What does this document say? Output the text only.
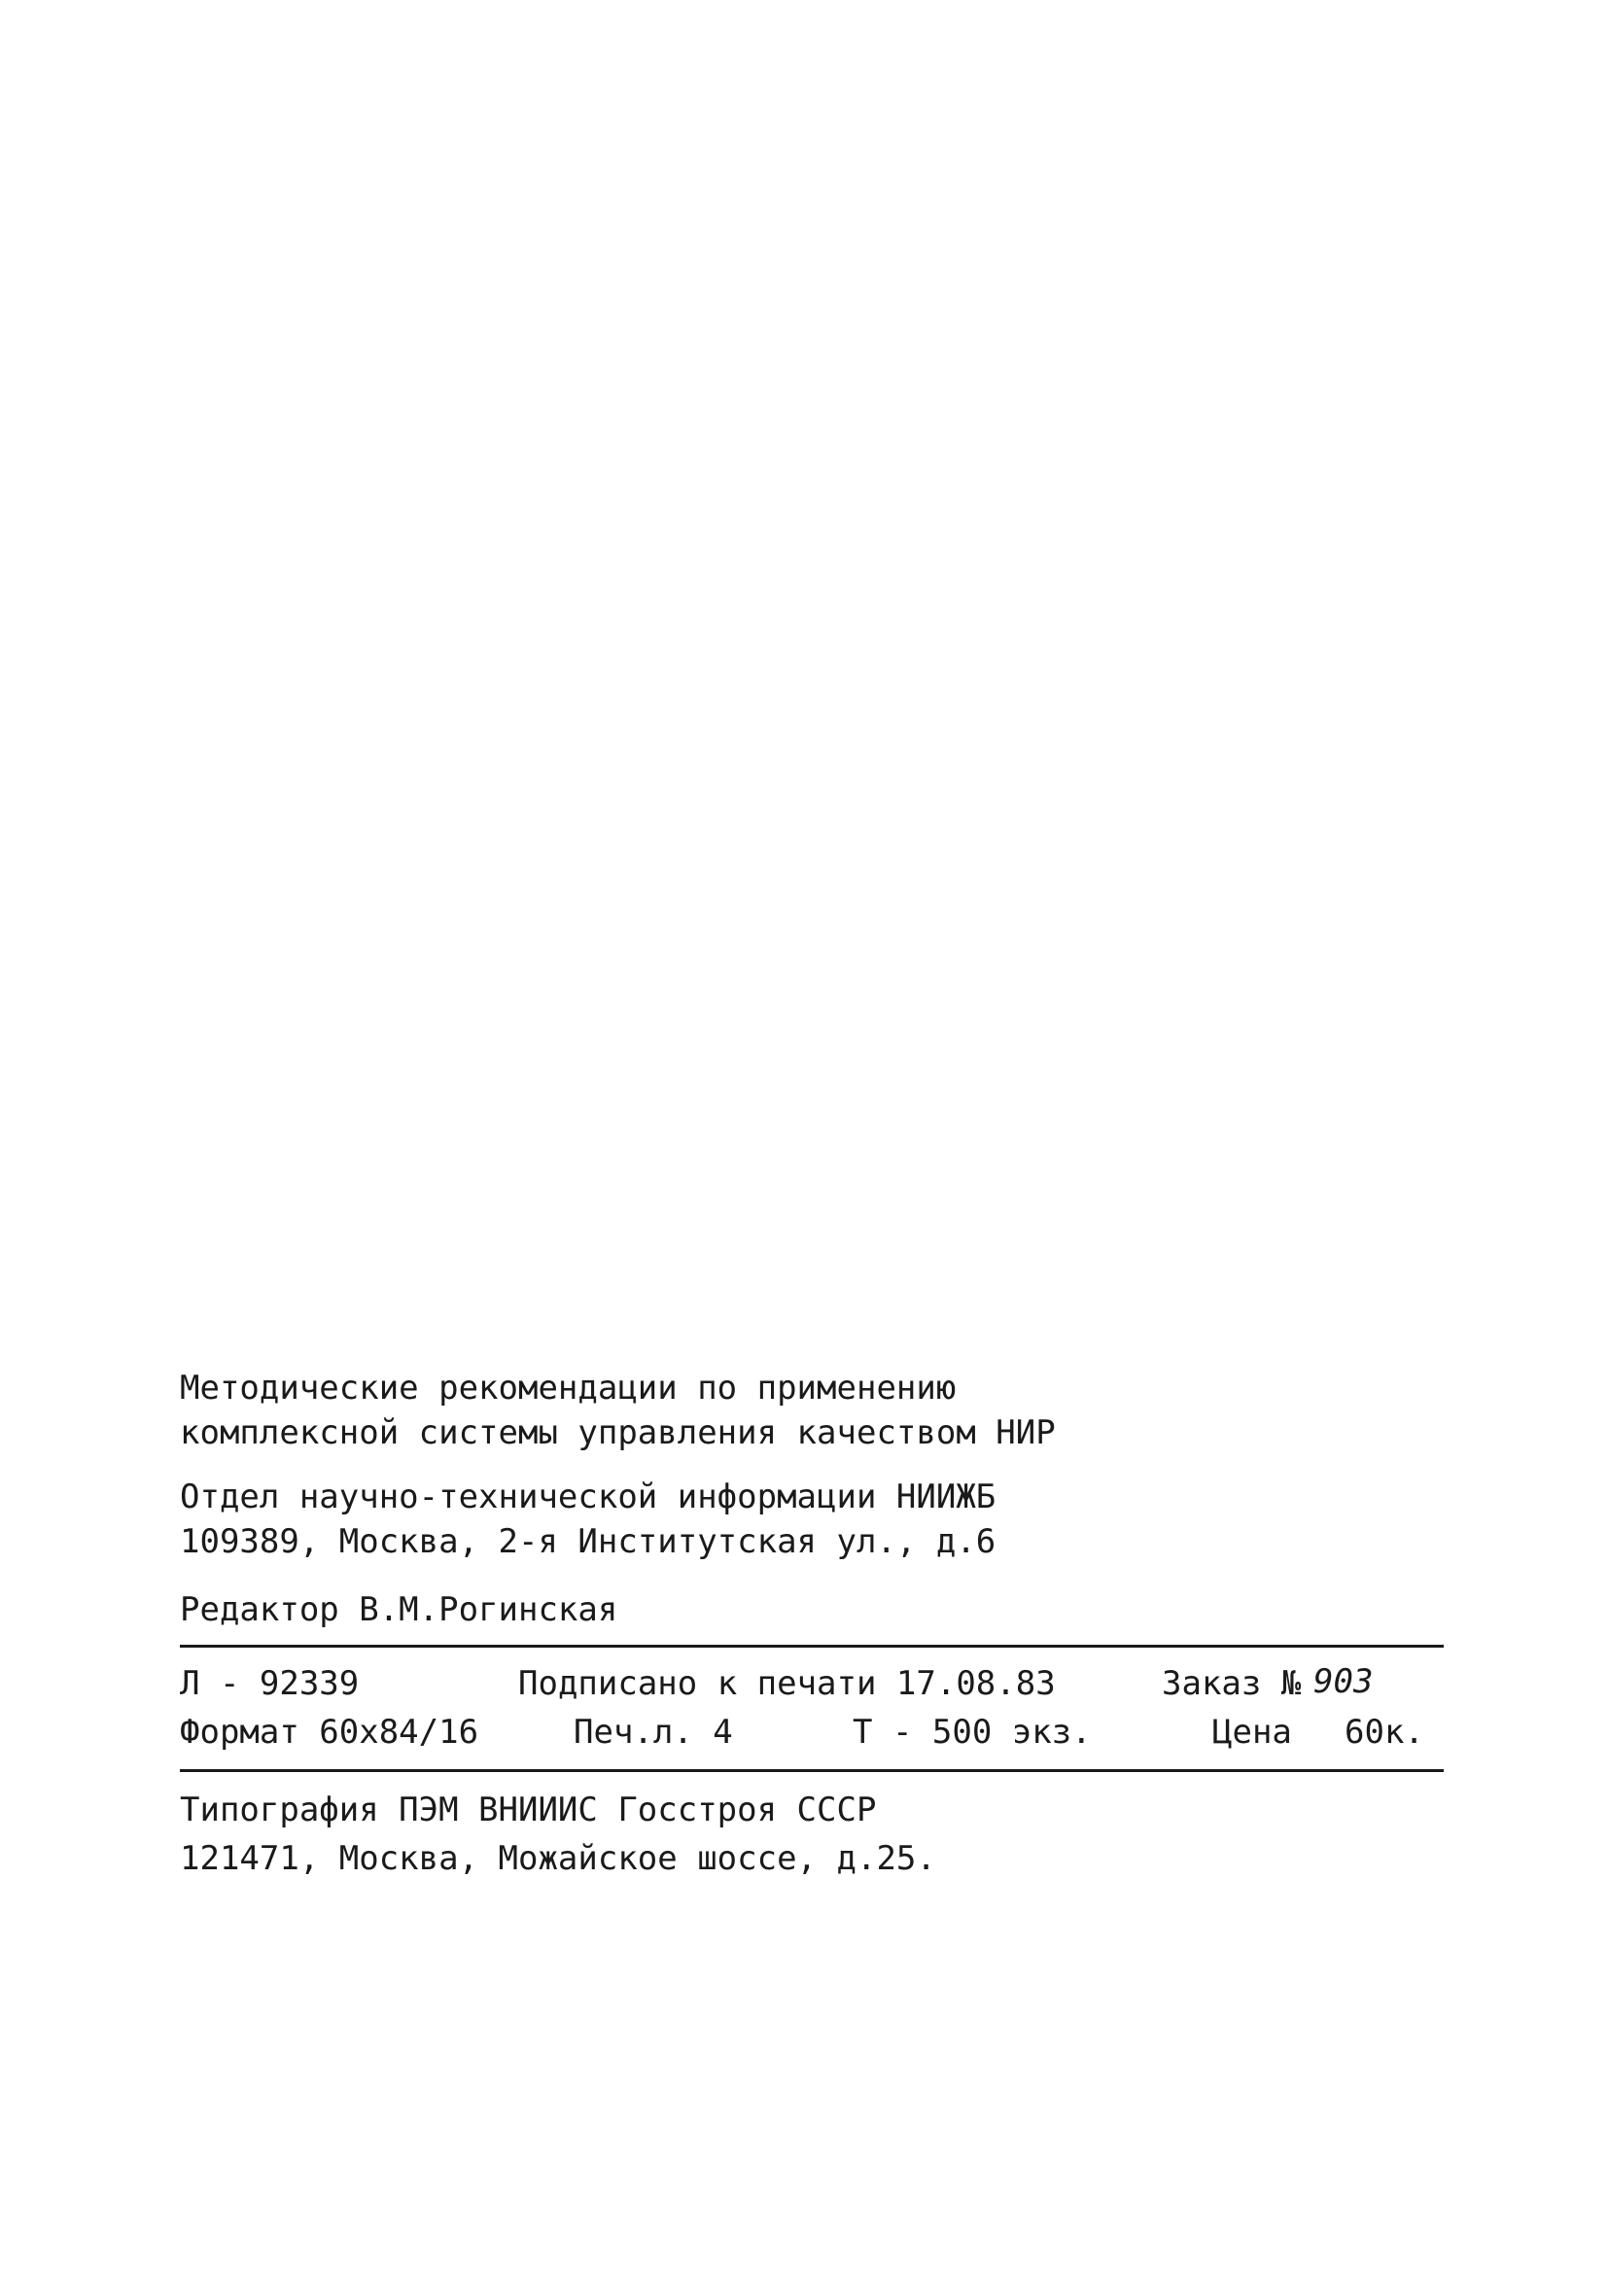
Методические рекомендации по применению
комплексной системы управления качеством НИР
Отдел научно-технической информации НИИЖБ
109389, Москва, 2-я Институтская ул., д.6
Редактор В.М.Рогинская
Л - 92339	Подписано к печати 17.08.83	Заказ № 903
Формат 60х84/16	Печ.л. 4	Т - 500 экз.	Цена 60к.
Типография ПЭМ ВНИИИС Госстроя СССР
121471, Москва, Можайское шоссе, д.25.
